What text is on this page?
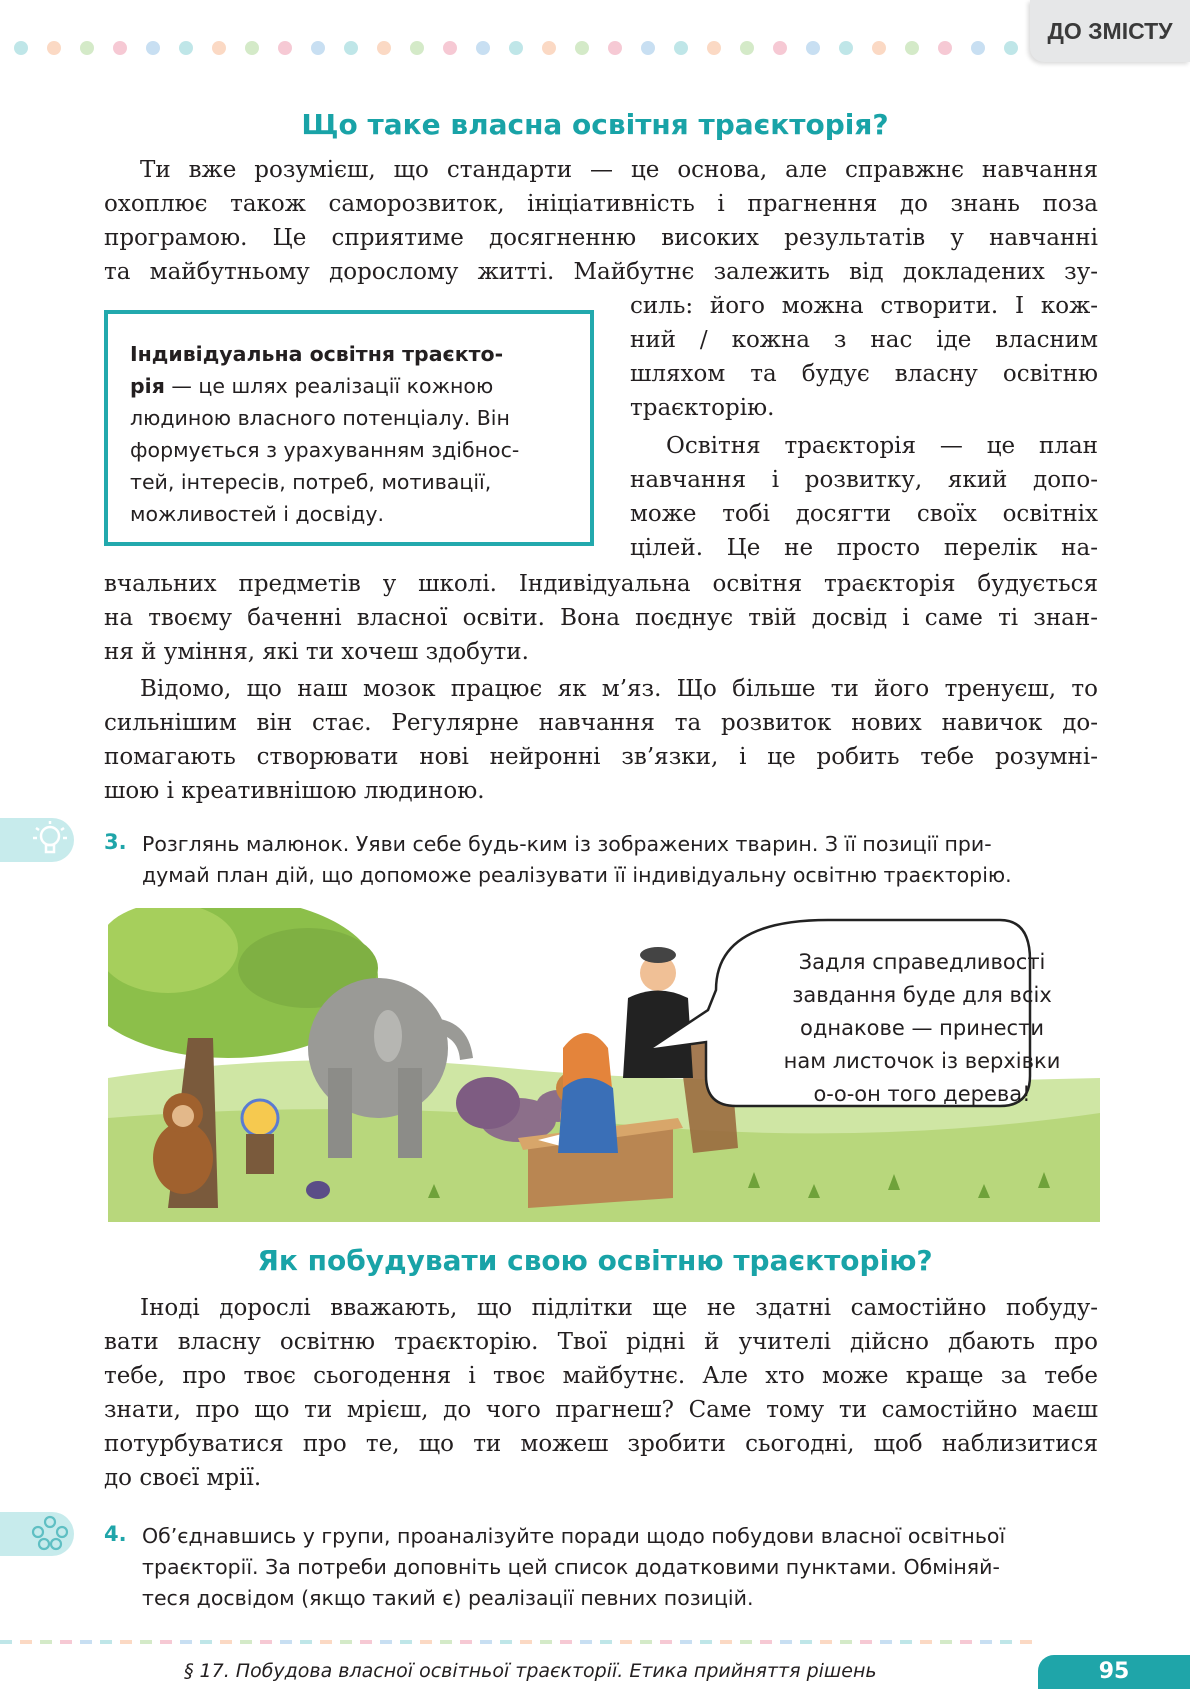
ДО ЗМІСТУ
Що таке власна освітня траєкторія?
Ти вже розумієш, що стандарти — це основа, але справжнє навчання
охоплює також саморозвиток, ініціативність і прагнення до знань поза
програмою. Це сприятиме досягненню високих результатів у навчанні
та майбутньому дорослому житті. Майбутнє залежить від докладених зу-
Індивідуальна освітня траєкто-
рія — це шлях реалізації кожною
людиною власного потенціалу. Він
формується з урахуванням здібнос-
тей, інтересів, потреб, мотивації,
можливостей і досвіду.
силь: його можна створити. І кож-
ний / кожна з нас іде власним
шляхом та будує власну освітню
траєкторію.
Освітня траєкторія — це план
навчання і розвитку, який допо-
може тобі досягти своїх освітніх
цілей. Це не просто перелік на-
вчальних предметів у школі. Індивідуальна освітня траєкторія будується
на твоєму баченні власної освіти. Вона поєднує твій досвід і саме ті знан-
ня й уміння, які ти хочеш здобути.
Відомо, що наш мозок працює як м’яз. Що більше ти його тренуєш, то
сильнішим він стає. Регулярне навчання та розвиток нових навичок до-
помагають створювати нові нейронні зв’язки, і це робить тебе розумні-
шою і креативнішою людиною.
3. Розглянь малюнок. Уяви себе будь-ким із зображених тварин. З її позиції при-
думай план дій, що допоможе реалізувати її індивідуальну освітню траєкторію.
Задля справедливості
завдання буде для всіх
однакове — принести
нам листочок із верхівки
о-о-он того дерева!
Як побудувати свою освітню траєкторію?
Іноді дорослі вважають, що підлітки ще не здатні самостійно побуду-
вати власну освітню траєкторію. Твої рідні й учителі дійсно дбають про
тебе, про твоє сьогодення і твоє майбутнє. Але хто може краще за тебе
знати, про що ти мрієш, до чого прагнеш? Саме тому ти самостійно маєш
потурбуватися про те, що ти можеш зробити сьогодні, щоб наблизитися
до своєї мрії.
4. Об’єднавшись у групи, проаналізуйте поради щодо побудови власної освітньої
траєкторії. За потреби доповніть цей список додатковими пунктами. Обміняй-
теся досвідом (якщо такий є) реалізації певних позицій.
§ 17. Побудова власної освітньої траєкторії. Етика прийняття рішень	95
